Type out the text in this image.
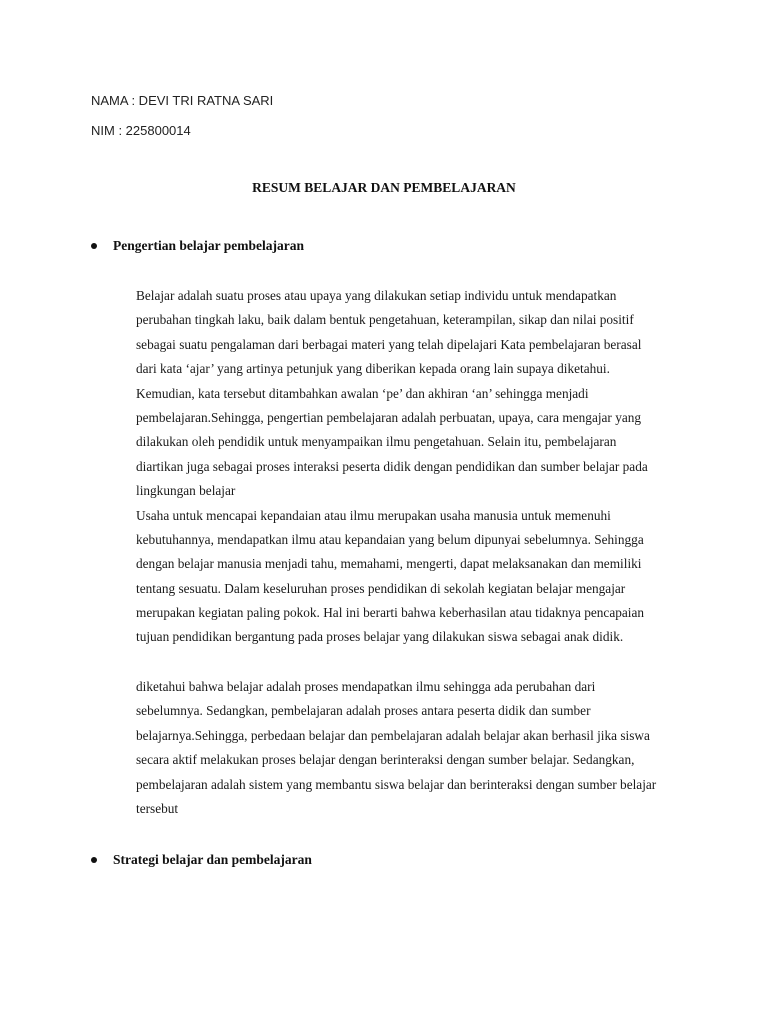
NAMA : DEVI TRI RATNA SARI
NIM : 225800014
RESUM BELAJAR DAN PEMBELAJARAN
Pengertian belajar pembelajaran
Belajar adalah suatu proses atau upaya yang dilakukan setiap individu untuk mendapatkan
perubahan tingkah laku, baik dalam bentuk pengetahuan, keterampilan, sikap dan nilai positif
sebagai suatu pengalaman dari berbagai materi yang telah dipelajari Kata pembelajaran berasal
dari kata ‘ajar’ yang artinya petunjuk yang diberikan kepada orang lain supaya diketahui.
Kemudian, kata tersebut ditambahkan awalan ‘pe’ dan akhiran ‘an’ sehingga menjadi
pembelajaran.Sehingga, pengertian pembelajaran adalah perbuatan, upaya, cara mengajar yang
dilakukan oleh pendidik untuk menyampaikan ilmu pengetahuan. Selain itu, pembelajaran
diartikan juga sebagai proses interaksi peserta didik dengan pendidikan dan sumber belajar pada
lingkungan belajar
Usaha untuk mencapai kepandaian atau ilmu merupakan usaha manusia untuk memenuhi
kebutuhannya, mendapatkan ilmu atau kepandaian yang belum dipunyai sebelumnya. Sehingga
dengan belajar manusia menjadi tahu, memahami, mengerti, dapat melaksanakan dan memiliki
tentang sesuatu. Dalam keseluruhan proses pendidikan di sekolah kegiatan belajar mengajar
merupakan kegiatan paling pokok. Hal ini berarti bahwa keberhasilan atau tidaknya pencapaian
tujuan pendidikan bergantung pada proses belajar yang dilakukan siswa sebagai anak didik.
diketahui bahwa belajar adalah proses mendapatkan ilmu sehingga ada perubahan dari
sebelumnya. Sedangkan, pembelajaran adalah proses antara peserta didik dan sumber
belajarnya.Sehingga, perbedaan belajar dan pembelajaran adalah belajar akan berhasil jika siswa
secara aktif melakukan proses belajar dengan berinteraksi dengan sumber belajar. Sedangkan,
pembelajaran adalah sistem yang membantu siswa belajar dan berinteraksi dengan sumber belajar
tersebut
Strategi belajar dan pembelajaran
